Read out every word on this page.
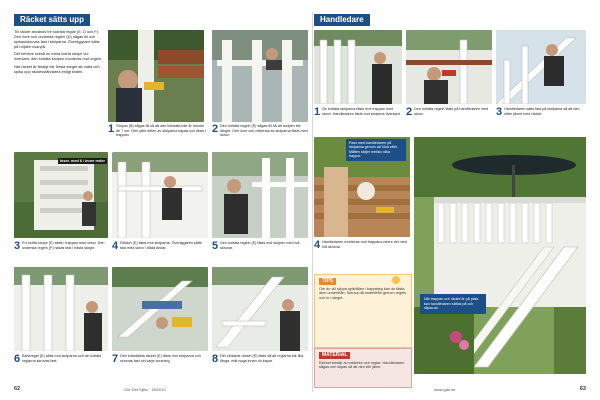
Räcket sätts upp

Till räcket används tre lodräta reglar (E, D och F). Den övre och understa regeln (D) sågas till och spikas/skruvas fast i stolparna. Överliggaren sätts på höjden ovanpå.

Det behövs också en extra lodrät stolpe vid överkant, den lodräta stolpen monteras mot regeln.

När räcket är färdigt blir första steget att mäta och spika upp räckesståndarna enligt bilden.

1 Stolpar (B) sågas till så att den kortaste inte är mindre än 7 cm. Den yttre delen av stolparna kapas och fästs i trappan.
2 Den lodräta regeln (E) sågas till så att stolpen blir längre. Den övre och mittersta av stolparna fästs med skruv.
Inser. med 6 / inner reder
3 En lodrät stolpe (E) sätts i trappan med skruv. Den understa regeln (F) hakas fast i nästa stolpe.	4 Räcket (E) fästs mot stolparna. Överliggaren sätts fast med skruv i båda ändar.	5 Den lodräta regeln (E) fästs mot stolpen med två skruvar.
6 Bänkregel (E) sätts mot stolparna och de lodräta reglarna skruvas fast.	7 Den tvärställda räcket (E) fästs mot stolparna och skruvas fast vid varje korsning.	8 Det vinklade räcket (E) fästs så att reglarna blir lika långa, mät noga innan du kapar.
62	Gör Det Själv · 15/2012
Handledare
1 De lodräta stolparna fästs mot trappan med skruv. Handledaren fästs mot stolpens överkant. 2 Den lodräta regeln fästs på handledaren med skruv.	3 Handledaren sätts fast på stolparna så att den sitter jämnt med räcket.
Pass med handledaren på stolparna genom att höra efter. Måtten skiljer mellan olika trappor.
4 Handledaren monteras mot trappans nedre del med två skruvar.
När trappan och räcket är på plats kan handledaren sättas på och slipas av.
TIPS
Om du vill slippa spikhålen i trappsteg kan du fästa dem underifrån. Skruva då underifrån genom regeln och in i steget.
MATERIAL
Räcket består av trallvirke och reglar. Handledaren sågas och slipas så att den blir jämn.
www.gds.se	63
